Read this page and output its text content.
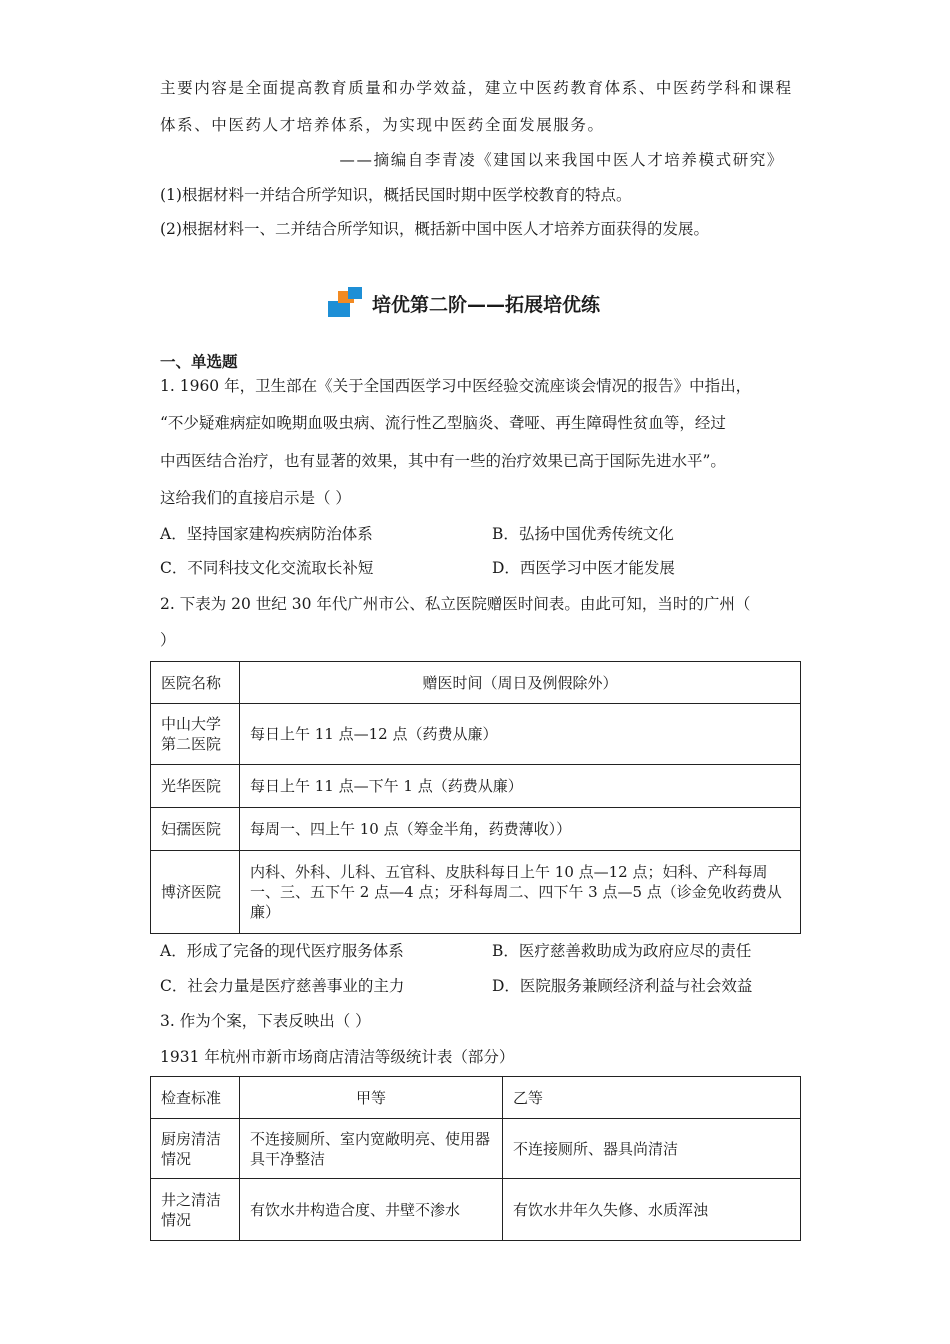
主要内容是全面提高教育质量和办学效益，建立中医药教育体系、中医药学科和课程
体系、中医药人才培养体系，为实现中医药全面发展服务。
——摘编自李青凌《建国以来我国中医人才培养模式研究》
(1)根据材料一并结合所学知识，概括民国时期中医学校教育的特点。
(2)根据材料一、二并结合所学知识，概括新中国中医人才培养方面获得的发展。
培优第二阶——拓展培优练
一、单选题
1. 1960 年，卫生部在《关于全国西医学习中医经验交流座谈会情况的报告》中指出，
“不少疑难病症如晚期血吸虫病、流行性乙型脑炎、聋哑、再生障碍性贫血等，经过
中西医结合治疗，也有显著的效果，其中有一些的治疗效果已高于国际先进水平”。
这给我们的直接启示是（ ）
A．坚持国家建构疾病防治体系	B．弘扬中国优秀传统文化
C．不同科技文化交流取长补短	D．西医学习中医才能发展
2. 下表为 20 世纪 30 年代广州市公、私立医院赠医时间表。由此可知，当时的广州（
）
医院名称	赠医时间（周日及例假除外）
中山大学第二医院	每日上午 11 点—12 点（药费从廉）
光华医院	每日上午 11 点—下午 1 点（药费从廉）
妇孺医院	每周一、四上午 10 点（筹金半角，药费薄收））
博济医院	内科、外科、儿科、五官科、皮肤科每日上午 10 点—12 点；妇科、产科每周一、三、五下午 2 点—4 点；牙科每周二、四下午 3 点—5 点（诊金免收药费从廉）
A．形成了完备的现代医疗服务体系	B．医疗慈善救助成为政府应尽的责任
C．社会力量是医疗慈善事业的主力	D．医院服务兼顾经济利益与社会效益
3. 作为个案，下表反映出（ ）
1931 年杭州市新市场商店清洁等级统计表（部分）
检查标准	甲等	乙等
厨房清洁情况	不连接厕所、室内宽敞明亮、使用器具干净整洁	不连接厕所、器具尚清洁
井之清洁情况	有饮水井构造合度、井壁不渗水	有饮水井年久失修、水质浑浊
